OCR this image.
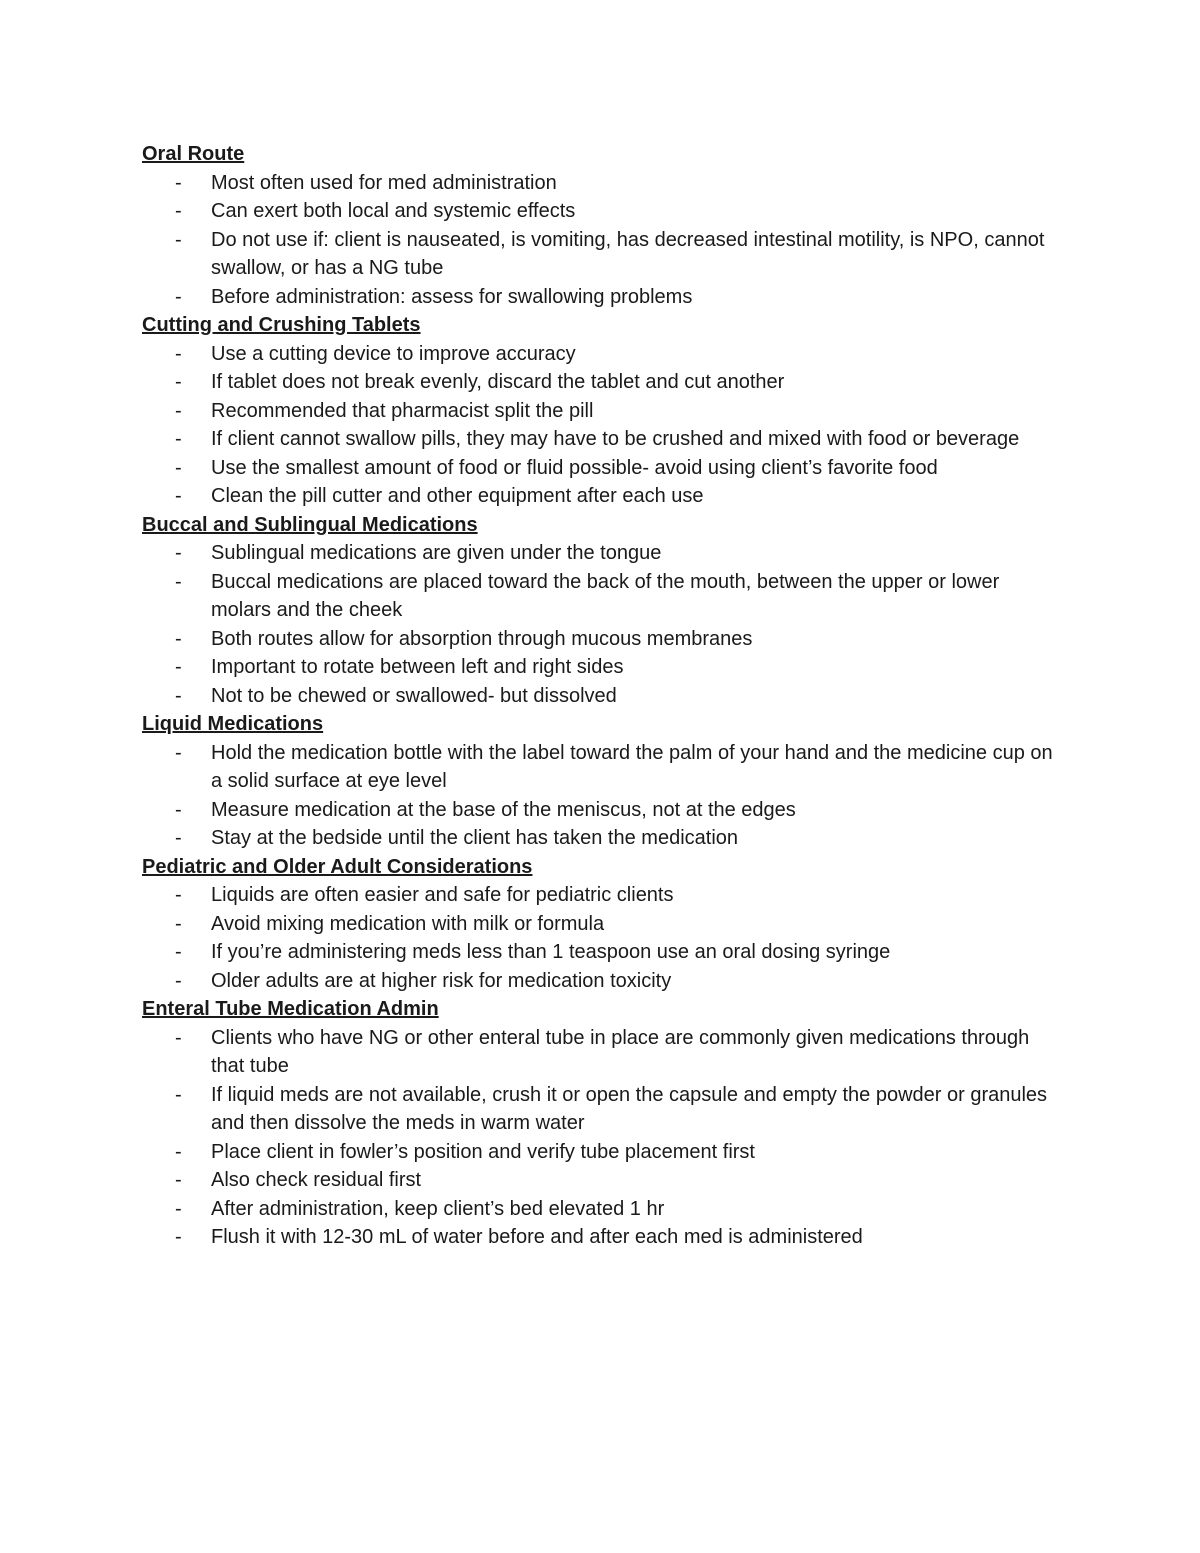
Oral Route
-	Most often used for med administration
-	Can exert both local and systemic effects
-	Do not use if: client is nauseated, is vomiting, has decreased intestinal motility, is NPO, cannot swallow, or has a NG tube
-	Before administration: assess for swallowing problems
Cutting and Crushing Tablets
-	Use a cutting device to improve accuracy
-	If tablet does not break evenly, discard the tablet and cut another
-	Recommended that pharmacist split the pill
-	If client cannot swallow pills, they may have to be crushed and mixed with food or beverage
-	Use the smallest amount of food or fluid possible- avoid using client’s favorite food
-	Clean the pill cutter and other equipment after each use
Buccal and Sublingual Medications
-	Sublingual medications are given under the tongue
-	Buccal medications are placed toward the back of the mouth, between the upper or lower molars and the cheek
-	Both routes allow for absorption through mucous membranes
-	Important to rotate between left and right sides
-	Not to be chewed or swallowed- but dissolved
Liquid Medications
-	Hold the medication bottle with the label toward the palm of your hand and the medicine cup on a solid surface at eye level
-	Measure medication at the base of the meniscus, not at the edges
-	Stay at the bedside until the client has taken the medication
Pediatric and Older Adult Considerations
-	Liquids are often easier and safe for pediatric clients
-	Avoid mixing medication with milk or formula
-	If you’re administering meds less than 1 teaspoon use an oral dosing syringe
-	Older adults are at higher risk for medication toxicity
Enteral Tube Medication Admin
-	Clients who have NG or other enteral tube in place are commonly given medications through that tube
-	If liquid meds are not available, crush it or open the capsule and empty the powder or granules and then dissolve the meds in warm water
-	Place client in fowler’s position and verify tube placement first
-	Also check residual first
-	After administration, keep client’s bed elevated 1 hr
-	Flush it with 12-30 mL of water before and after each med is administered
